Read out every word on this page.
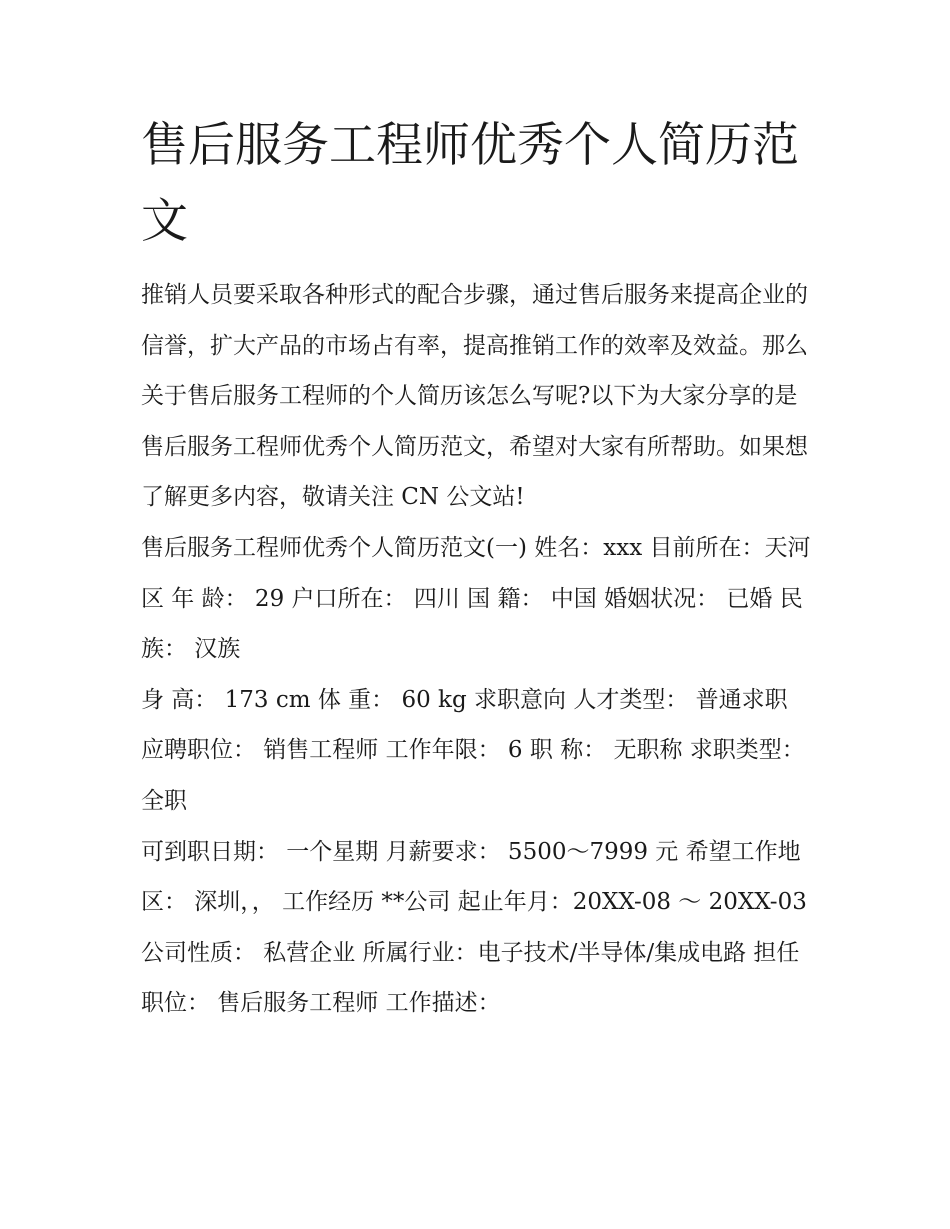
售后服务工程师优秀个人简历范文

推销人员要采取各种形式的配合步骤，通过售后服务来提高企业的信誉，扩大产品的市场占有率，提高推销工作的效率及效益。那么关于售后服务工程师的个人简历该怎么写呢?以下为大家分享的是售后服务工程师优秀个人简历范文，希望对大家有所帮助。如果想了解更多内容，敬请关注 CN 公文站!

售后服务工程师优秀个人简历范文(一) 姓名：xxx 目前所在：天河区 年 龄： 29 户口所在： 四川 国 籍： 中国 婚姻状况： 已婚 民 族： 汉族

身 高： 173 cm 体 重： 60 kg 求职意向 人才类型： 普通求职 应聘职位： 销售工程师 工作年限： 6 职 称： 无职称 求职类型： 全职

可到职日期： 一个星期 月薪要求： 5500～7999 元 希望工作地区： 深圳，， 工作经历 **公司 起止年月：20XX-08 ～ 20XX-03

公司性质： 私营企业 所属行业：电子技术/半导体/集成电路 担任职位： 售后服务工程师 工作描述：
